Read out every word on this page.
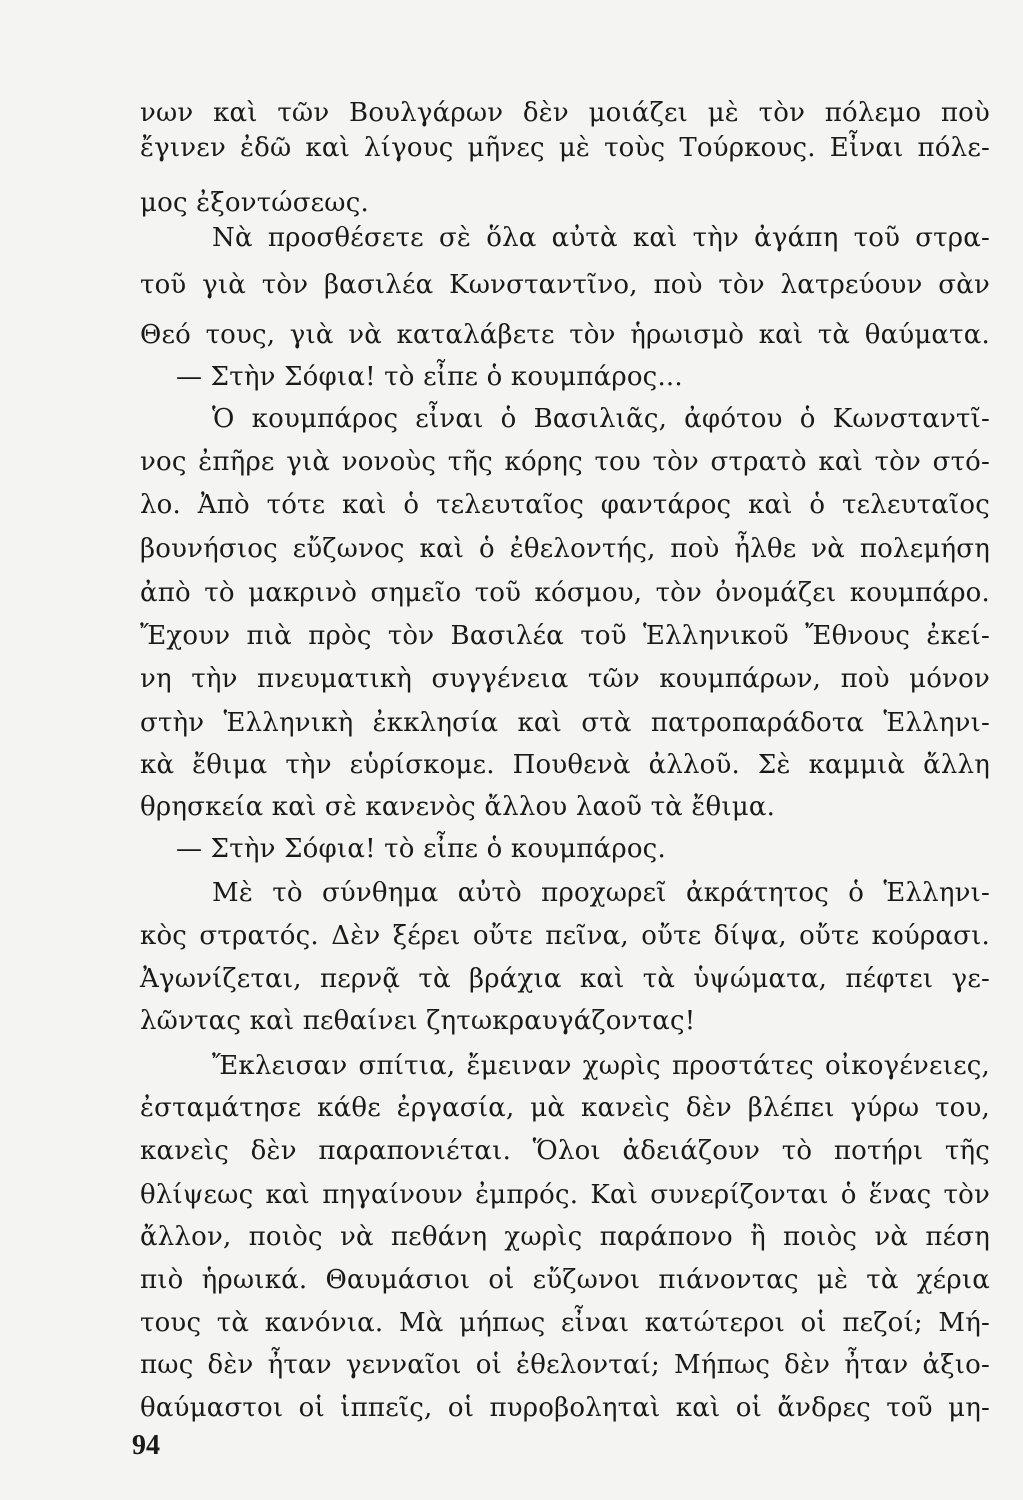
νων καὶ τῶν Βουλγάρων δὲν μοιάζει μὲ τὸν πόλεμο ποὺ
ἔγινεν ἐδῶ καὶ λίγους μῆνες μὲ τοὺς Τούρκους. Εἶναι πόλε-
μος ἐξοντώσεως.
Νὰ προσθέσετε σὲ ὅλα αὐτὰ καὶ τὴν ἀγάπη τοῦ στρα-
τοῦ γιὰ τὸν βασιλέα Κωνσταντῖνο, ποὺ τὸν λατρεύουν σὰν
Θεό τους, γιὰ νὰ καταλάβετε τὸν ἡρωισμὸ καὶ τὰ θαύματα.
— Στὴν Σόφια! τὸ εἶπε ὁ κουμπάρος...
Ὁ κουμπάρος εἶναι ὁ Βασιλιᾶς, ἀφότου ὁ Κωνσταντῖ-
νος ἐπῆρε γιὰ νονοὺς τῆς κόρης του τὸν στρατὸ καὶ τὸν στό-
λο. Ἀπὸ τότε καὶ ὁ τελευταῖος φαντάρος καὶ ὁ τελευταῖος
βουνήσιος εὔζωνος καὶ ὁ ἐθελοντής, ποὺ ἦλθε νὰ πολεμήση
ἀπὸ τὸ μακρινὸ σημεῖο τοῦ κόσμου, τὸν ὀνομάζει κουμπάρο.
Ἔχουν πιὰ πρὸς τὸν Βασιλέα τοῦ Ἑλληνικοῦ Ἔθνους ἐκεί-
νη τὴν πνευματικὴ συγγένεια τῶν κουμπάρων, ποὺ μόνον
στὴν Ἑλληνικὴ ἐκκλησία καὶ στὰ πατροπαράδοτα Ἑλληνι-
κὰ ἔθιμα τὴν εὑρίσκομε. Πουθενὰ ἀλλοῦ. Σὲ καμμιὰ ἄλλη
θρησκεία καὶ σὲ κανενὸς ἄλλου λαοῦ τὰ ἔθιμα.
— Στὴν Σόφια! τὸ εἶπε ὁ κουμπάρος.
Μὲ τὸ σύνθημα αὐτὸ προχωρεῖ ἀκράτητος ὁ Ἑλληνι-
κὸς στρατός. Δὲν ξέρει οὔτε πεῖνα, οὔτε δίψα, οὔτε κούρασι.
Ἀγωνίζεται, περνᾷ τὰ βράχια καὶ τὰ ὑψώματα, πέφτει γε-
λῶντας καὶ πεθαίνει ζητωκραυγάζοντας!
Ἔκλεισαν σπίτια, ἔμειναν χωρὶς προστάτες οἰκογένειες,
ἐσταμάτησε κάθε ἐργασία, μὰ κανεὶς δὲν βλέπει γύρω του,
κανεὶς δὲν παραπονιέται. Ὅλοι ἀδειάζουν τὸ ποτήρι τῆς
θλίψεως καὶ πηγαίνουν ἐμπρός. Καὶ συνερίζονται ὁ ἕνας τὸν
ἄλλον, ποιὸς νὰ πεθάνη χωρὶς παράπονο ἢ ποιὸς νὰ πέση
πιὸ ἡρωικά. Θαυμάσιοι οἱ εὔζωνοι πιάνοντας μὲ τὰ χέρια
τους τὰ κανόνια. Μὰ μήπως εἶναι κατώτεροι οἱ πεζοί; Μή-
πως δὲν ἦταν γενναῖοι οἱ ἐθελονταί; Μήπως δὲν ἦταν ἀξιο-
θαύμαστοι οἱ ἱππεῖς, οἱ πυροβοληταὶ καὶ οἱ ἄνδρες τοῦ μη-
94
